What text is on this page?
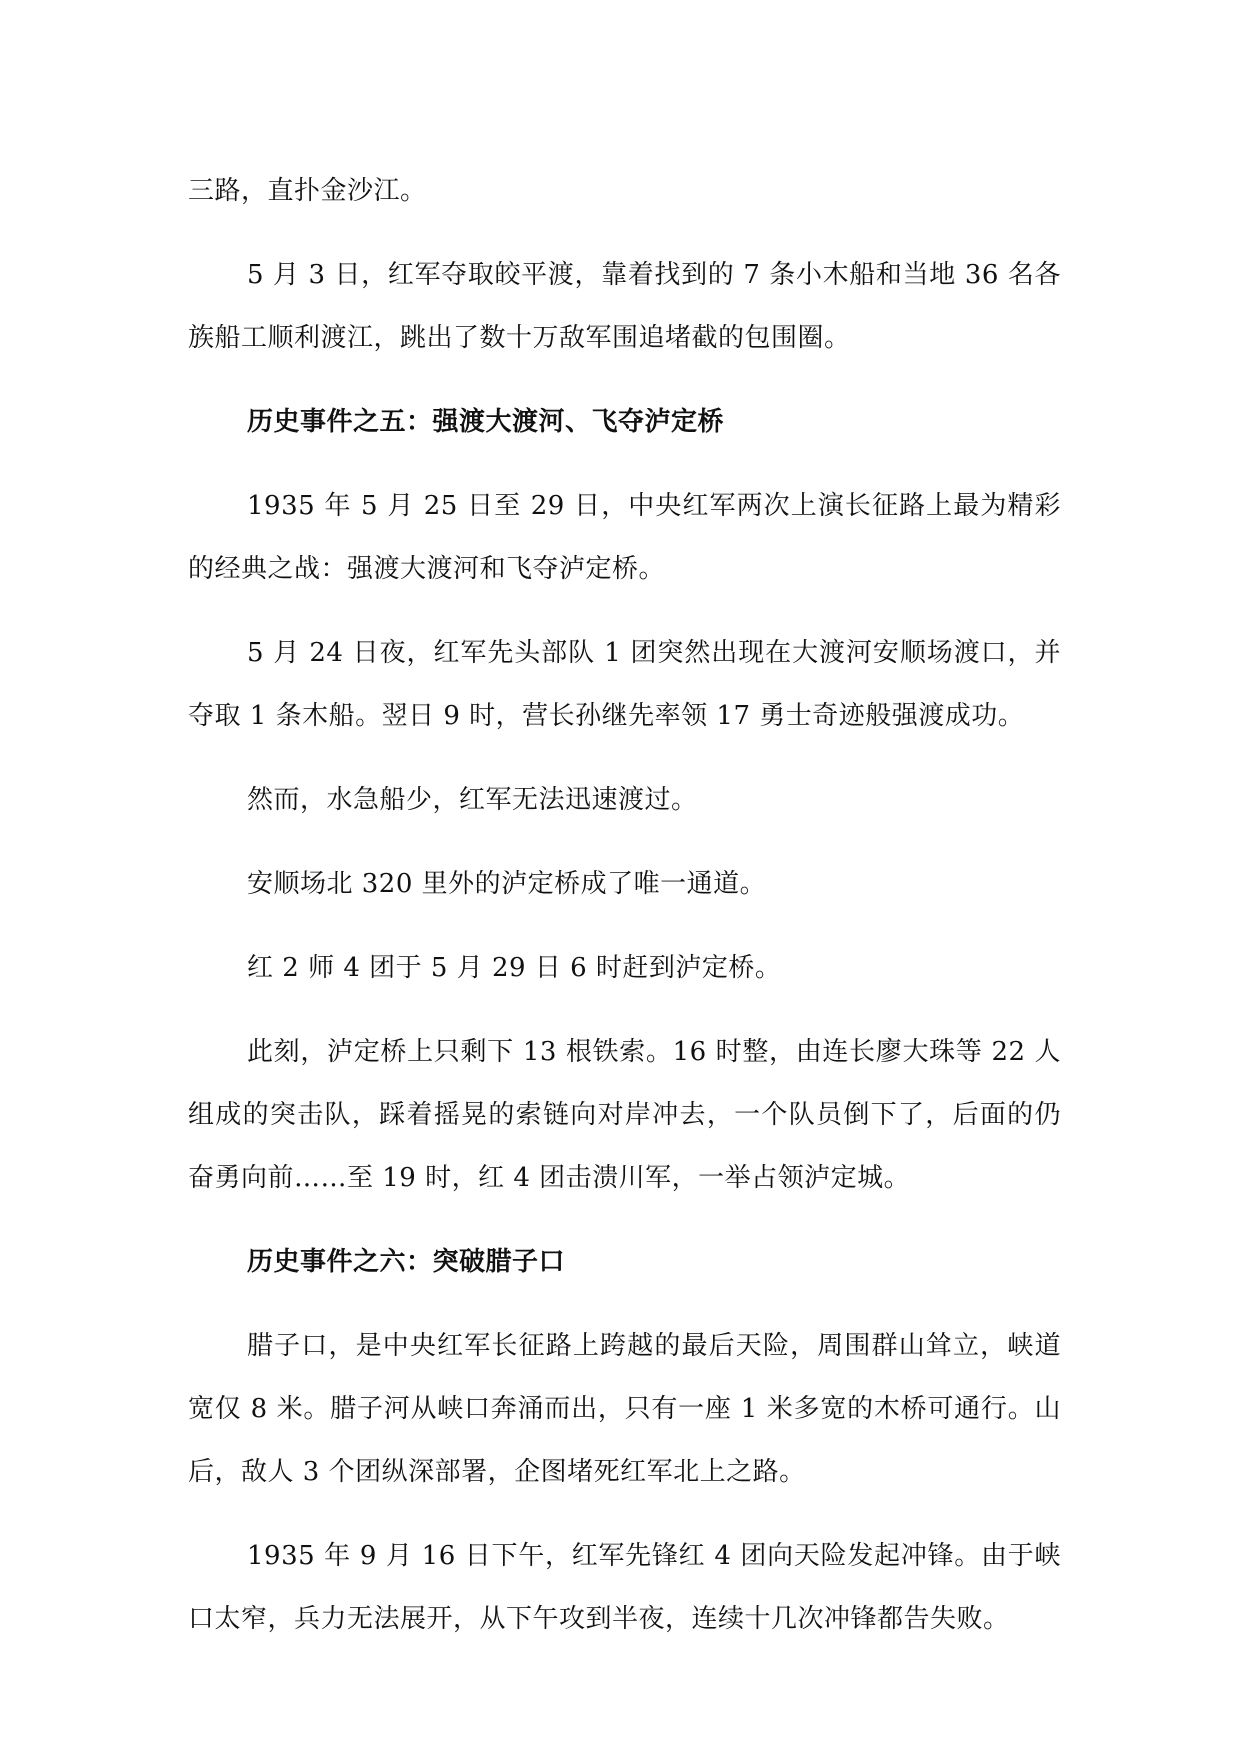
三路，直扑金沙江。

5 月 3 日，红军夺取皎平渡，靠着找到的 7 条小木船和当地 36 名各族船工顺利渡江，跳出了数十万敌军围追堵截的包围圈。

历史事件之五：强渡大渡河、飞夺泸定桥

1935 年 5 月 25 日至 29 日，中央红军两次上演长征路上最为精彩的经典之战：强渡大渡河和飞夺泸定桥。

5 月 24 日夜，红军先头部队 1 团突然出现在大渡河安顺场渡口，并夺取 1 条木船。翌日 9 时，营长孙继先率领 17 勇士奇迹般强渡成功。

然而，水急船少，红军无法迅速渡过。

安顺场北 320 里外的泸定桥成了唯一通道。

红 2 师 4 团于 5 月 29 日 6 时赶到泸定桥。

此刻，泸定桥上只剩下 13 根铁索。16 时整，由连长廖大珠等 22 人组成的突击队，踩着摇晃的索链向对岸冲去，一个队员倒下了，后面的仍奋勇向前……至 19 时，红 4 团击溃川军，一举占领泸定城。

历史事件之六：突破腊子口

腊子口，是中央红军长征路上跨越的最后天险，周围群山耸立，峡道宽仅 8 米。腊子河从峡口奔涌而出，只有一座 1 米多宽的木桥可通行。山后，敌人 3 个团纵深部署，企图堵死红军北上之路。

1935 年 9 月 16 日下午，红军先锋红 4 团向天险发起冲锋。由于峡口太窄，兵力无法展开，从下午攻到半夜，连续十几次冲锋都告失败。
